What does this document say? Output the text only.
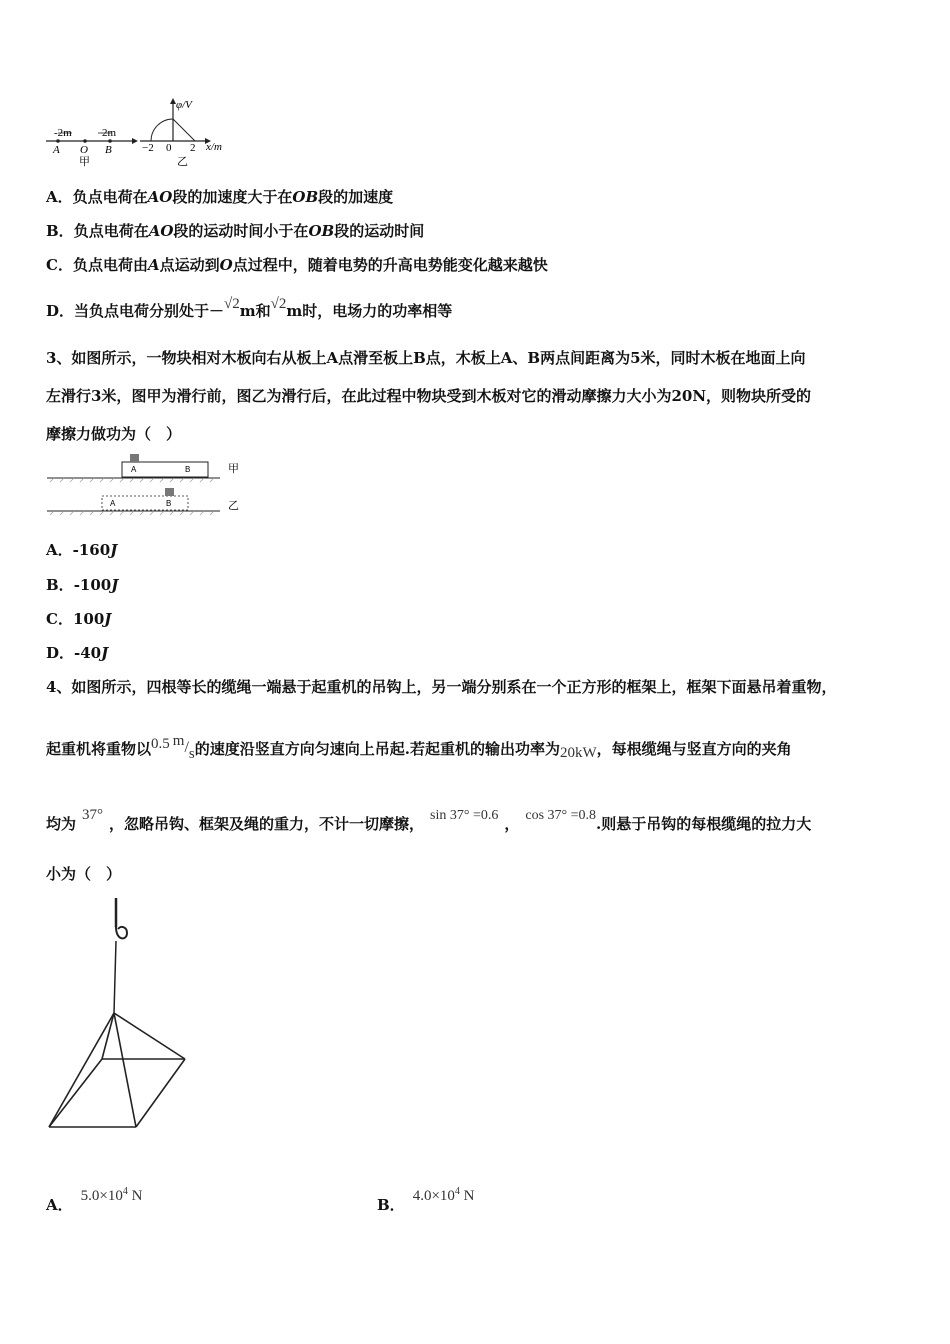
-2m	2m
A O B
甲
φ/V
x/m
−2 0 2
乙
A．负点电荷在AO段的加速度大于在OB段的加速度
B．负点电荷在AO段的运动时间小于在OB段的运动时间
C．负点电荷由A点运动到O点过程中，随着电势的升高电势能变化越来越快
D．当负点电荷分别处于－√2m和√2m时，电场力的功率相等
3、如图所示，一物块相对木板向右从板上A点滑至板上B点，木板上A、B两点间距离为5米，同时木板在地面上向
左滑行3米，图甲为滑行前，图乙为滑行后，在此过程中物块受到木板对它的滑动摩擦力大小为20N，则物块所受的
摩擦力做功为（　）
A	B	甲
A	B	乙
A．-160J
B．-100J
C．100J
D．-40J
4、如图所示，四根等长的缆绳一端悬于起重机的吊钩上，另一端分别系在一个正方形的框架上，框架下面悬吊着重物，
起重机将重物以0.5 m/s的速度沿竖直方向匀速向上吊起.若起重机的输出功率为20kW，每根缆绳与竖直方向的夹角
均为 37° ，忽略吊钩、框架及绳的重力，不计一切摩擦， sin 37° =0.6 ， cos 37° =0.8.则悬于吊钩的每根缆绳的拉力大
小为（　）
A． $5.0\times 10^4$ N	B． $4.0\times 10^4$ N
